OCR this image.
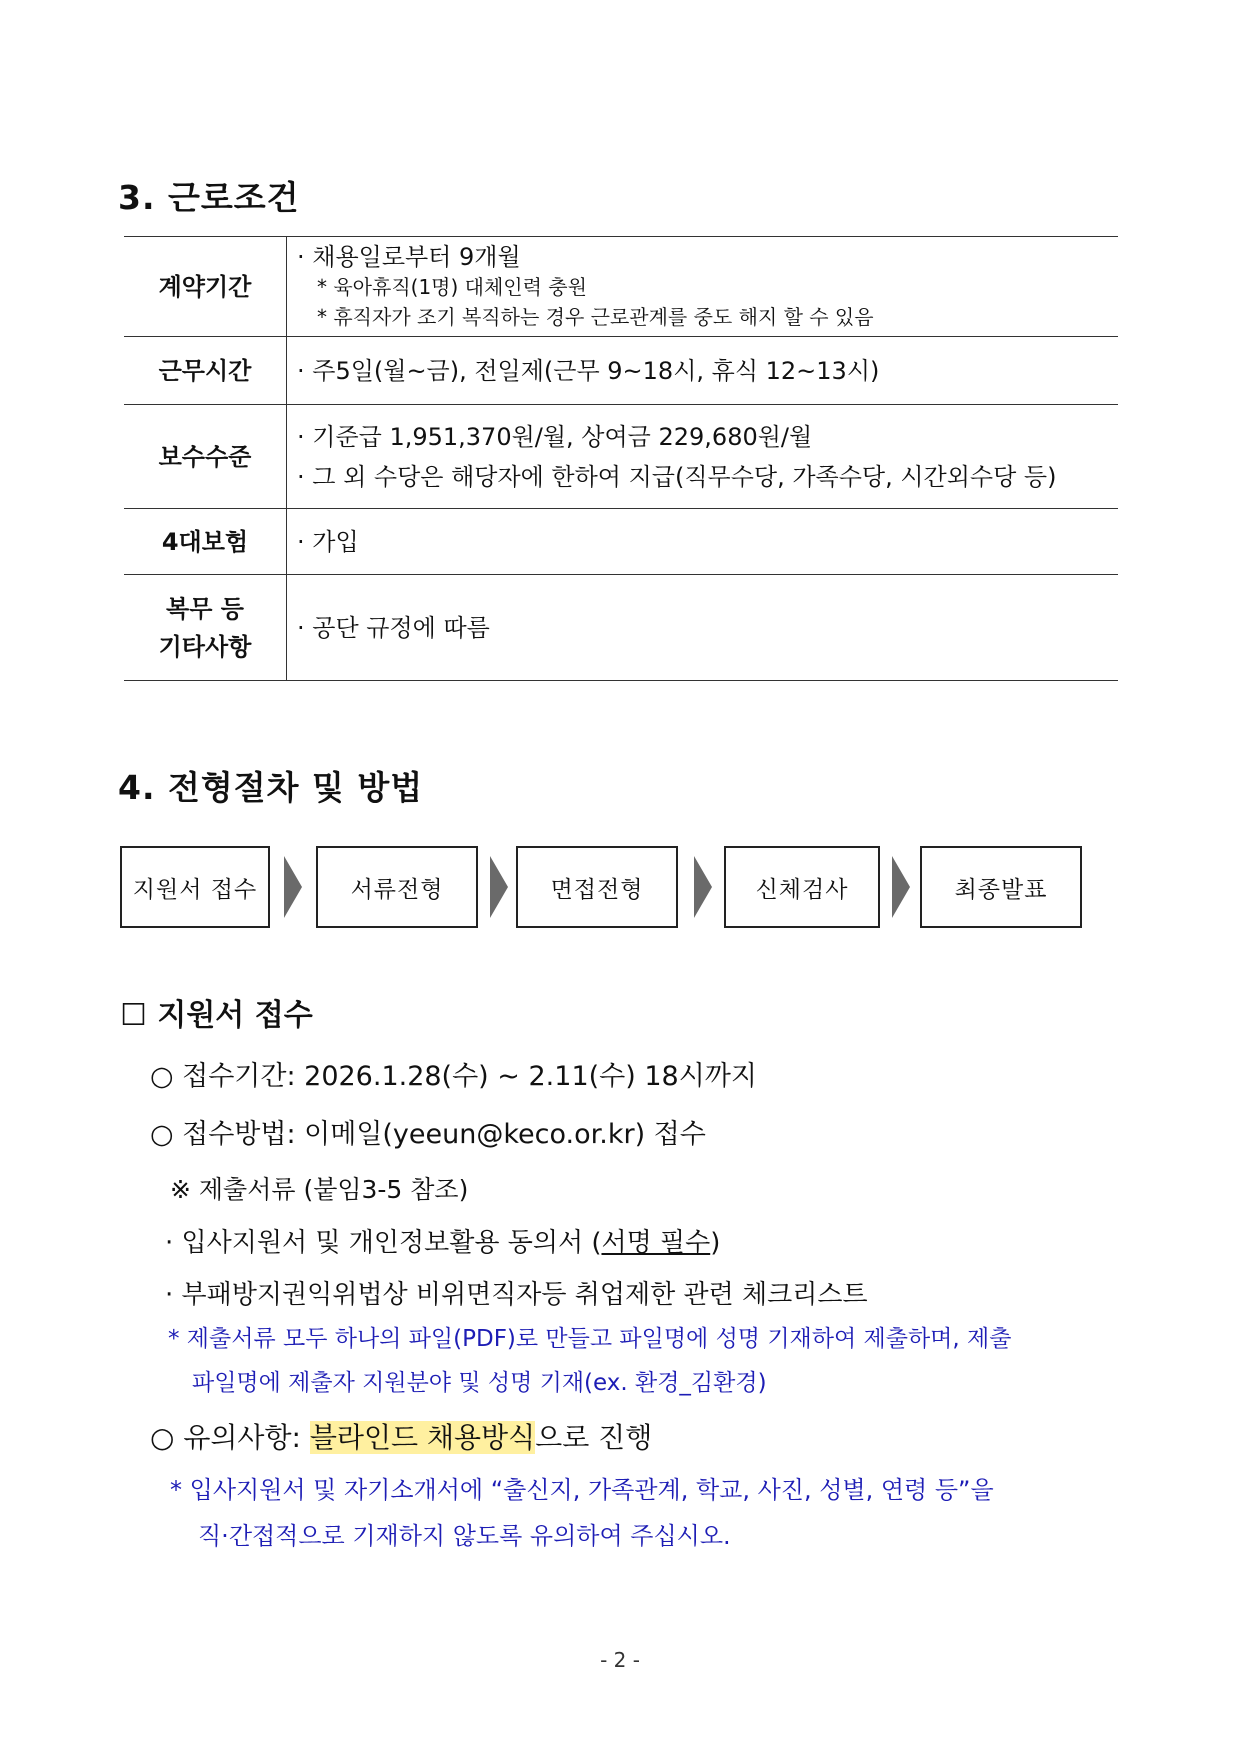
3. 근로조건
계약기간	· 채용일로부터 9개월
* 육아휴직(1명) 대체인력 충원
* 휴직자가 조기 복직하는 경우 근로관계를 중도 해지 할 수 있음

근무시간	· 주5일(월~금), 전일제(근무 9~18시, 휴식 12~13시)

보수수준	· 기준급 1,951,370원/월, 상여금 229,680원/월
· 그 외 수당은 해당자에 한하여 지급(직무수당, 가족수당, 시간외수당 등)

4대보험	· 가입

복무 등
기타사항	· 공단 규정에 따름
4. 전형절차 및 방법
지원서 접수	서류전형	면접전형	신체검사	최종발표
☐ 지원서 접수
○ 접수기간: 2026.1.28(수) ~ 2.11(수) 18시까지
○ 접수방법: 이메일(yeeun@keco.or.kr) 접수
※ 제출서류 (붙임3-5 참조)
· 입사지원서 및 개인정보활용 동의서 (서명 필수)
· 부패방지권익위법상 비위면직자등 취업제한 관련 체크리스트
* 제출서류 모두 하나의 파일(PDF)로 만들고 파일명에 성명 기재하여 제출하며, 제출
파일명에 제출자 지원분야 및 성명 기재(ex. 환경_김환경)
○ 유의사항: 블라인드 채용방식으로 진행
* 입사지원서 및 자기소개서에 “출신지, 가족관계, 학교, 사진, 성별, 연령 등”을
직·간접적으로 기재하지 않도록 유의하여 주십시오.
- 2 -
